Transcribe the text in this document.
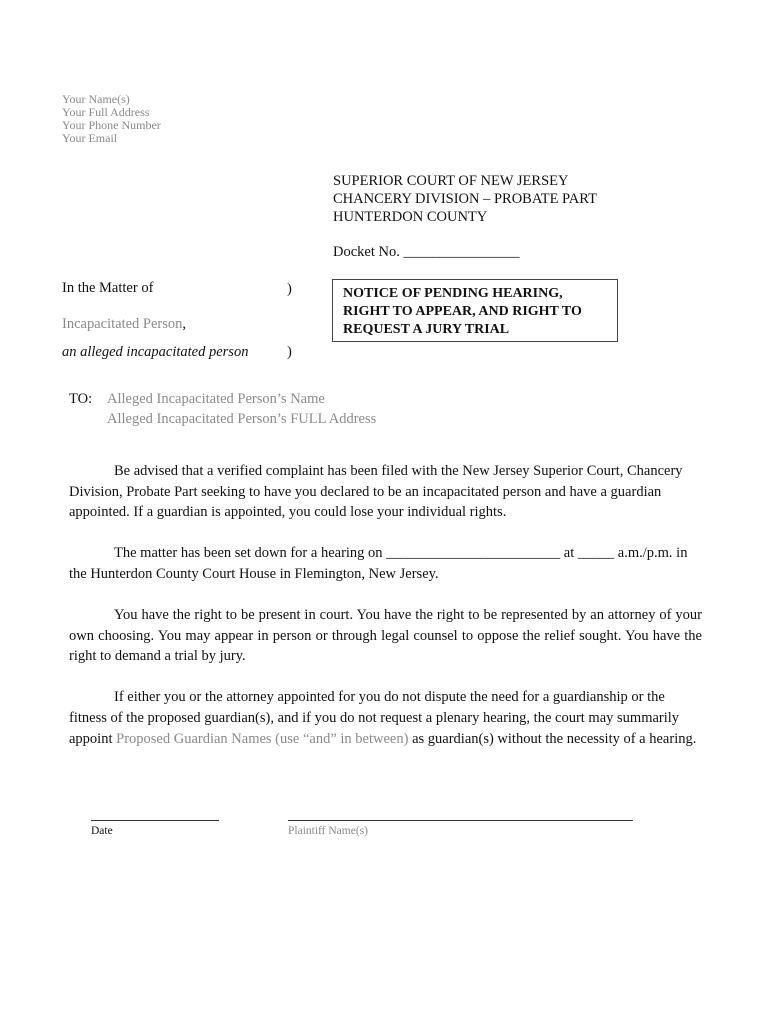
Your Name(s)
Your Full Address
Your Phone Number
Your Email
SUPERIOR COURT OF NEW JERSEY
CHANCERY DIVISION – PROBATE PART
HUNTERDON COUNTY
Docket No. ________________
In the Matter of	)
Incapacitated Person,
an alleged incapacitated person	)
NOTICE OF PENDING HEARING,
RIGHT TO APPEAR, AND RIGHT TO
REQUEST A JURY TRIAL
TO: Alleged Incapacitated Person’s Name
Alleged Incapacitated Person’s FULL Address

Be advised that a verified complaint has been filed with the New Jersey Superior Court, Chancery Division, Probate Part seeking to have you declared to be an incapacitated person and have a guardian appointed. If a guardian is appointed, you could lose your individual rights.

The matter has been set down for a hearing on ________________________ at _____ a.m./p.m. in the Hunterdon County Court House in Flemington, New Jersey.

You have the right to be present in court. You have the right to be represented by an attorney of your own choosing. You may appear in person or through legal counsel to oppose the relief sought. You have the right to demand a trial by jury.

If either you or the attorney appointed for you do not dispute the need for a guardianship or the fitness of the proposed guardian(s), and if you do not request a plenary hearing, the court may summarily appoint Proposed Guardian Names (use “and” in between) as guardian(s) without the necessity of a hearing.

Date	Plaintiff Name(s)
